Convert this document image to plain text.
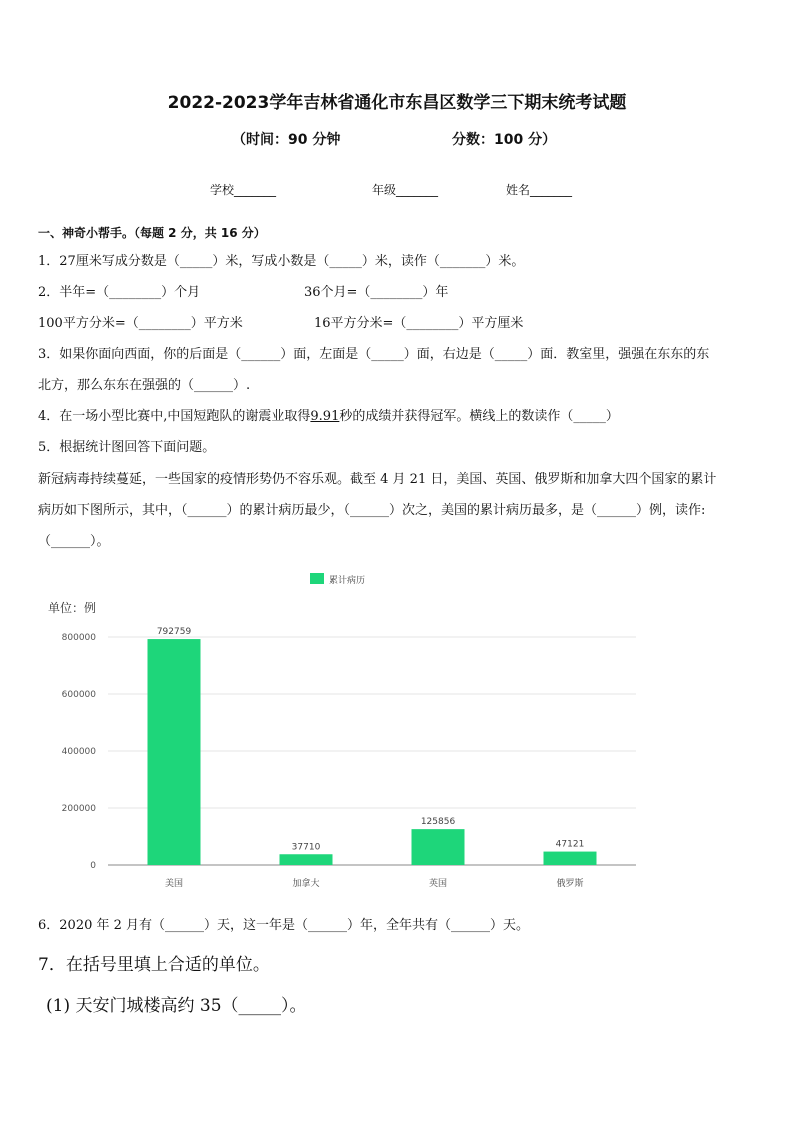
2022-2023学年吉林省通化市东昌区数学三下期末统考试题
（时间：90 分钟	分数：100 分）
学校_______	年级_______	姓名_______
一、神奇小帮手。（每题 2 分，共 16 分）
1．27厘米写成分数是（_____）米，写成小数是（_____）米，读作（_______）米。
2．半年=（________）个月	36个月=（________）年
100平方分米=（________）平方米	16平方分米=（________）平方厘米
3．如果你面向西面，你的后面是（______）面，左面是（_____）面，右边是（_____）面．教室里，强强在东东的东
北方，那么东东在强强的（______）.
4．在一场小型比赛中,中国短跑队的谢震业取得9.91秒的成绩并获得冠军。横线上的数读作（_____）
5．根据统计图回答下面问题。
新冠病毒持续蔓延，一些国家的疫情形势仍不容乐观。截至 4 月 21 日，美国、英国、俄罗斯和加拿大四个国家的累计
病历如下图所示，其中，（______）的累计病历最少，（______）次之，美国的累计病历最多，是（______）例，读作:
（______）。
累计病历
单位：例
0
200000
400000
600000
800000
792759
美国
37710
加拿大
125856
英国
47121
俄罗斯
6．2020 年 2 月有（______）天，这一年是（______）年，全年共有（______）天。
7．在括号里填上合适的单位。
(1) 天安门城楼高约 35（_____）。
